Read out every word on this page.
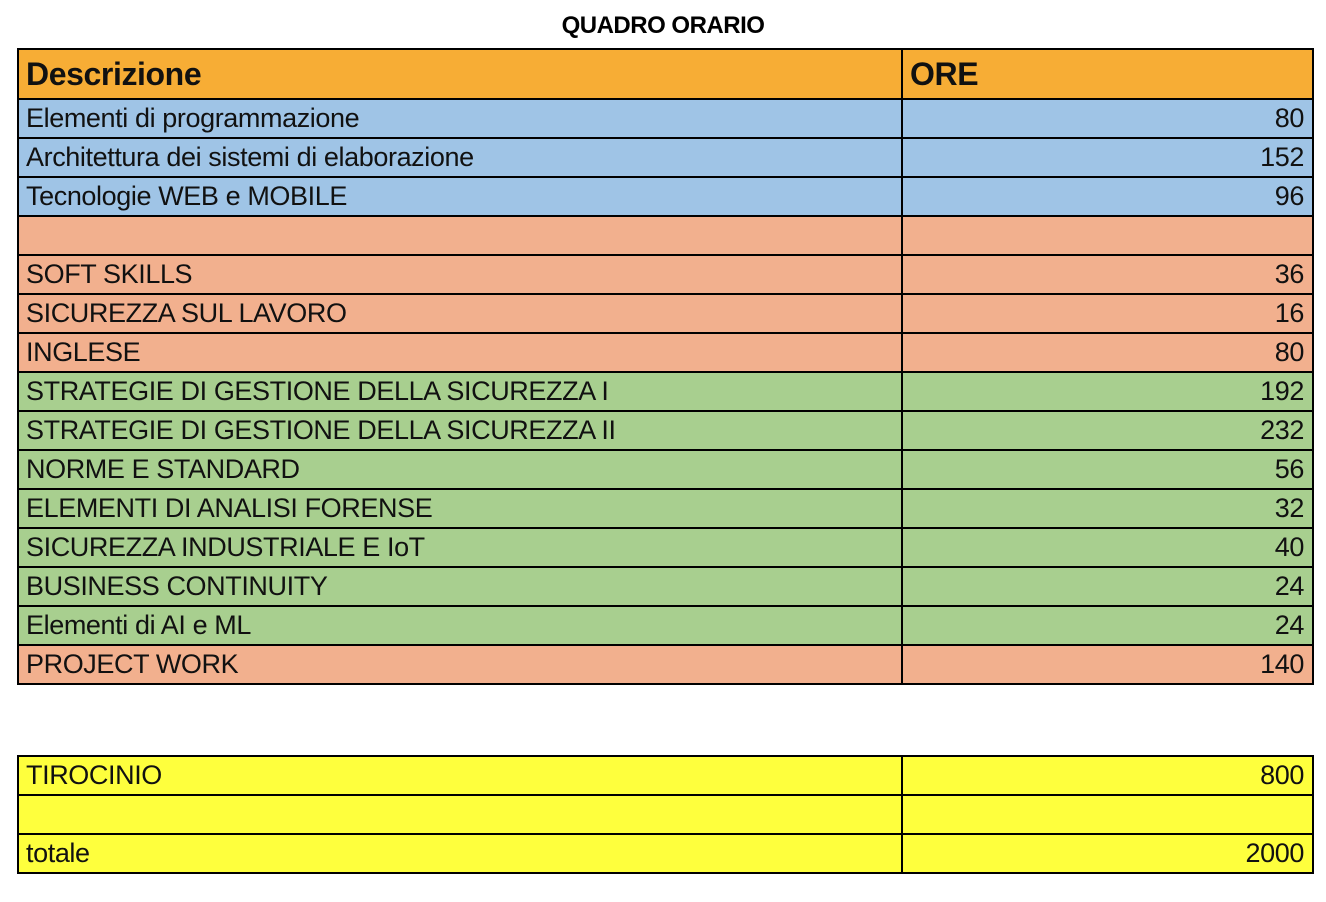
QUADRO ORARIO
Descrizione	ORE
Elementi di programmazione	80
Architettura dei sistemi di elaborazione	152
Tecnologie WEB e MOBILE	96

SOFT SKILLS	36
SICUREZZA SUL LAVORO	16
INGLESE	80
STRATEGIE DI GESTIONE DELLA SICUREZZA I	192
STRATEGIE DI GESTIONE DELLA SICUREZZA II	232
NORME E STANDARD	56
ELEMENTI DI ANALISI FORENSE	32
SICUREZZA INDUSTRIALE E IoT	40
BUSINESS CONTINUITY	24
Elementi di AI e ML	24
PROJECT WORK	140
TIROCINIO	800

totale	2000
